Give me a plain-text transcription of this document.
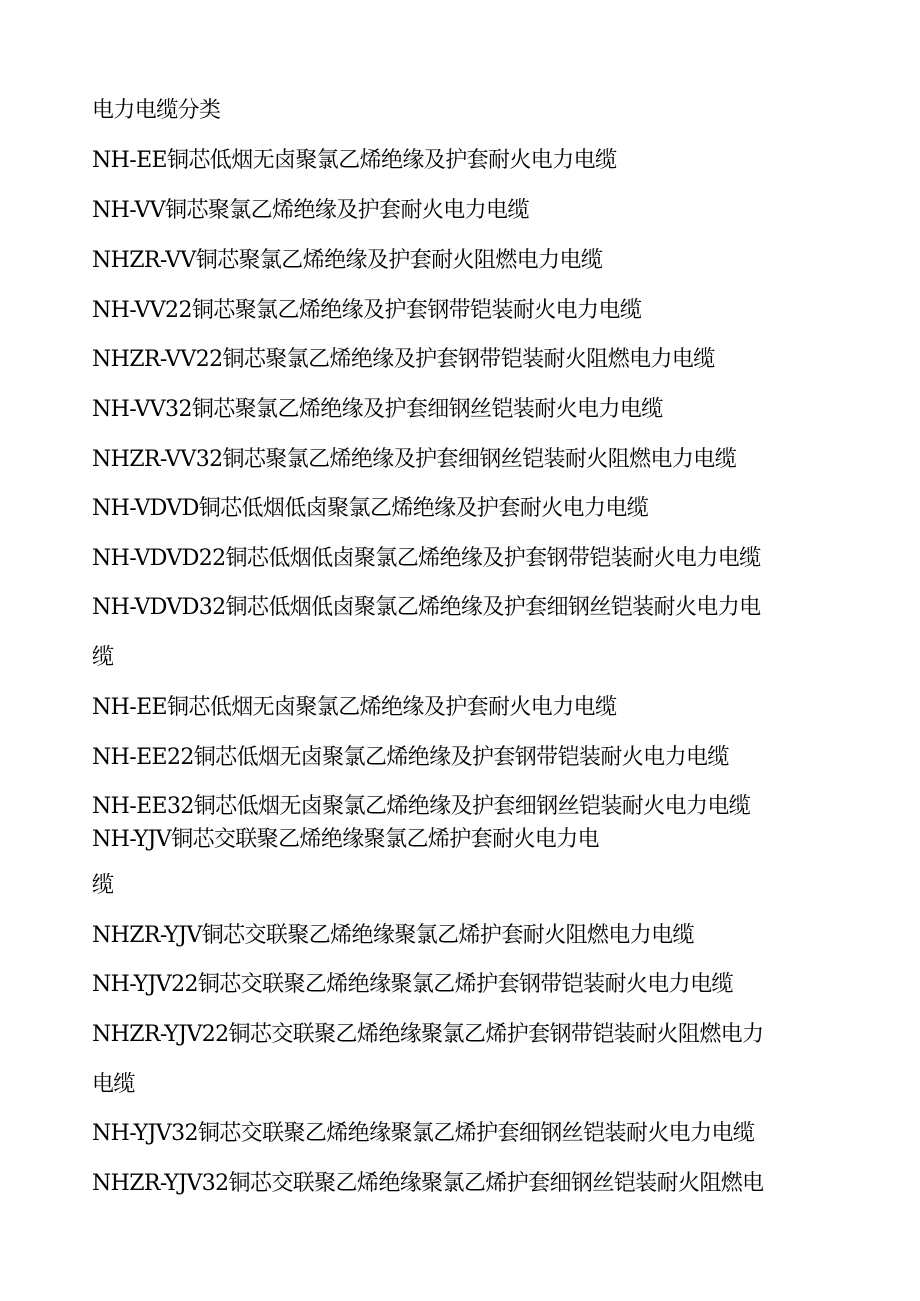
电力电缆分类
NH-EE铜芯低烟无卤聚氯乙烯绝缘及护套耐火电力电缆
NH-VV铜芯聚氯乙烯绝缘及护套耐火电力电缆
NHZR-VV铜芯聚氯乙烯绝缘及护套耐火阻燃电力电缆
NH-VV22铜芯聚氯乙烯绝缘及护套钢带铠装耐火电力电缆
NHZR-VV22铜芯聚氯乙烯绝缘及护套钢带铠装耐火阻燃电力电缆
NH-VV32铜芯聚氯乙烯绝缘及护套细钢丝铠装耐火电力电缆
NHZR-VV32铜芯聚氯乙烯绝缘及护套细钢丝铠装耐火阻燃电力电缆
NH-VDVD铜芯低烟低卤聚氯乙烯绝缘及护套耐火电力电缆
NH-VDVD22铜芯低烟低卤聚氯乙烯绝缘及护套钢带铠装耐火电力电缆
NH-VDVD32铜芯低烟低卤聚氯乙烯绝缘及护套细钢丝铠装耐火电力电
缆
NH-EE铜芯低烟无卤聚氯乙烯绝缘及护套耐火电力电缆
NH-EE22铜芯低烟无卤聚氯乙烯绝缘及护套钢带铠装耐火电力电缆
NH-EE32铜芯低烟无卤聚氯乙烯绝缘及护套细钢丝铠装耐火电力电缆
NH-YJV铜芯交联聚乙烯绝缘聚氯乙烯护套耐火电力电
缆
NHZR-YJV铜芯交联聚乙烯绝缘聚氯乙烯护套耐火阻燃电力电缆
NH-YJV22铜芯交联聚乙烯绝缘聚氯乙烯护套钢带铠装耐火电力电缆
NHZR-YJV22铜芯交联聚乙烯绝缘聚氯乙烯护套钢带铠装耐火阻燃电力
电缆
NH-YJV32铜芯交联聚乙烯绝缘聚氯乙烯护套细钢丝铠装耐火电力电缆
NHZR-YJV32铜芯交联聚乙烯绝缘聚氯乙烯护套细钢丝铠装耐火阻燃电
